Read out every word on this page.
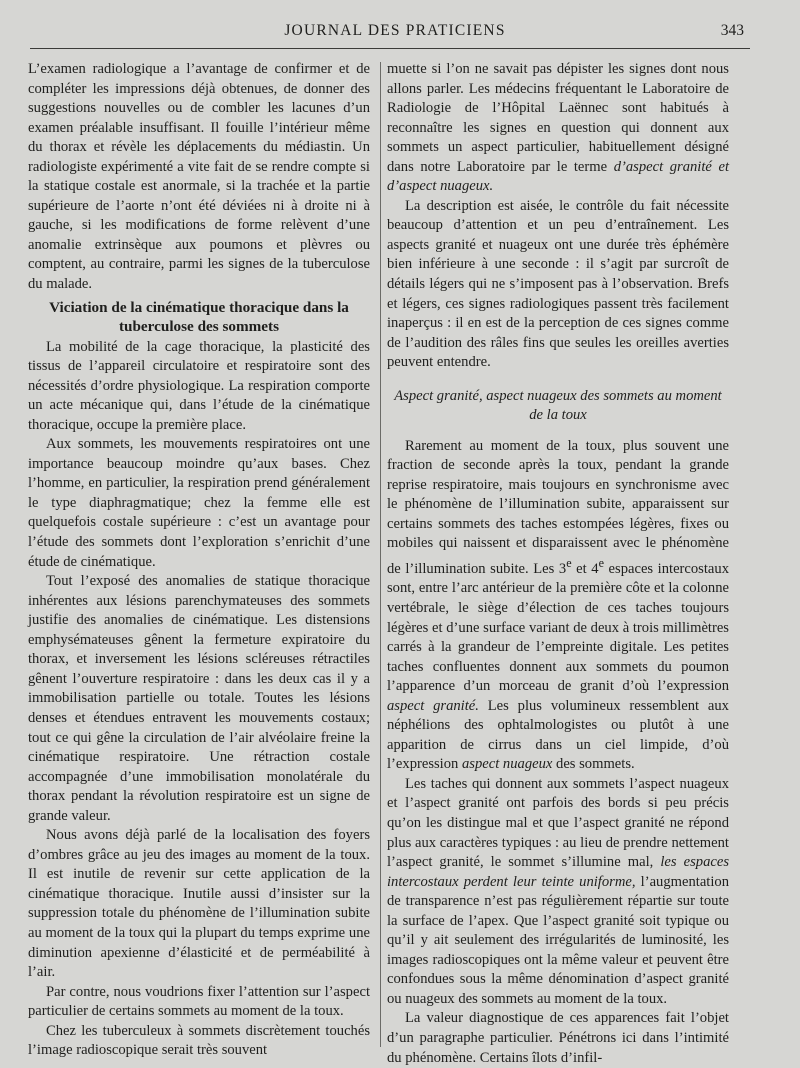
JOURNAL DES PRATICIENS	343

L’examen radiologique a l’avantage de confirmer et de compléter les impressions déjà obtenues, de donner des suggestions nouvelles ou de combler les lacunes d’un examen préalable insuffisant. Il fouille l’intérieur même du thorax et révèle les déplacements du médiastin. Un radiologiste expérimenté a vite fait de se rendre compte si la statique costale est anormale, si la trachée et la partie supérieure de l’aorte n’ont été déviées ni à droite ni à gauche, si les modifications de forme relèvent d’une anomalie extrinsèque aux poumons et plèvres ou comptent, au contraire, parmi les signes de la tuberculose du malade.

Viciation de la cinématique thoracique dans la tuberculose des sommets

La mobilité de la cage thoracique, la plasticité des tissus de l’appareil circulatoire et respiratoire sont des nécessités d’ordre physiologique. La respiration comporte un acte mécanique qui, dans l’étude de la cinématique thoracique, occupe la première place.

Aux sommets, les mouvements respiratoires ont une importance beaucoup moindre qu’aux bases. Chez l’homme, en particulier, la respiration prend généralement le type diaphragmatique; chez la femme elle est quelquefois costale supérieure : c’est un avantage pour l’étude des sommets dont l’exploration s’enrichit d’une étude de cinématique.

Tout l’exposé des anomalies de statique thoracique inhérentes aux lésions parenchymateuses des sommets justifie des anomalies de cinématique. Les distensions emphysémateuses gênent la fermeture expiratoire du thorax, et inversement les lésions scléreuses rétractiles gênent l’ouverture respiratoire : dans les deux cas il y a immobilisation partielle ou totale. Toutes les lésions denses et étendues entravent les mouvements costaux; tout ce qui gêne la circulation de l’air alvéolaire freine la cinématique respiratoire. Une rétraction costale accompagnée d’une immobilisation monolatérale du thorax pendant la révolution respiratoire est un signe de grande valeur.

Nous avons déjà parlé de la localisation des foyers d’ombres grâce au jeu des images au moment de la toux. Il est inutile de revenir sur cette application de la cinématique thoracique. Inutile aussi d’insister sur la suppression totale du phénomène de l’illumination subite au moment de la toux qui la plupart du temps exprime une diminution apexienne d’élasticité et de perméabilité à l’air.

Par contre, nous voudrions fixer l’attention sur l’aspect particulier de certains sommets au moment de la toux.

Chez les tuberculeux à sommets discrètement touchés l’image radioscopique serait très souvent

muette si l’on ne savait pas dépister les signes dont nous allons parler. Les médecins fréquentant le Laboratoire de Radiologie de l’Hôpital Laënnec sont habitués à reconnaître les signes en question qui donnent aux sommets un aspect particulier, habituellement désigné dans notre Laboratoire par le terme d’aspect granité et d’aspect nuageux.

La description est aisée, le contrôle du fait nécessite beaucoup d’attention et un peu d’entraînement. Les aspects granité et nuageux ont une durée très éphémère bien inférieure à une seconde : il s’agit par surcroît de détails légers qui ne s’imposent pas à l’observation. Brefs et légers, ces signes radiologiques passent très facilement inaperçus : il en est de la perception de ces signes comme de l’audition des râles fins que seules les oreilles averties peuvent entendre.

Aspect granité, aspect nuageux des sommets au moment de la toux

Rarement au moment de la toux, plus souvent une fraction de seconde après la toux, pendant la grande reprise respiratoire, mais toujours en synchronisme avec le phénomène de l’illumination subite, apparaissent sur certains sommets des taches estompées légères, fixes ou mobiles qui naissent et disparaissent avec le phénomène de l’illumination subite. Les 3e et 4e espaces intercostaux sont, entre l’arc antérieur de la première côte et la colonne vertébrale, le siège d’élection de ces taches toujours légères et d’une surface variant de deux à trois millimètres carrés à la grandeur de l’empreinte digitale. Les petites taches confluentes donnent aux sommets du poumon l’apparence d’un morceau de granit d’où l’expression aspect granité. Les plus volumineux ressemblent aux néphélions des ophtalmologistes ou plutôt à une apparition de cirrus dans un ciel limpide, d’où l’expression aspect nuageux des sommets.

Les taches qui donnent aux sommets l’aspect nuageux et l’aspect granité ont parfois des bords si peu précis qu’on les distingue mal et que l’aspect granité ne répond plus aux caractères typiques : au lieu de prendre nettement l’aspect granité, le sommet s’illumine mal, les espaces intercostaux perdent leur teinte uniforme, l’augmentation de transparence n’est pas régulièrement répartie sur toute la surface de l’apex. Que l’aspect granité soit typique ou qu’il y ait seulement des irrégularités de luminosité, les images radioscopiques ont la même valeur et peuvent être confondues sous la même dénomination d’aspect granité ou nuageux des sommets au moment de la toux.

La valeur diagnostique de ces apparences fait l’objet d’un paragraphe particulier. Pénétrons ici dans l’intimité du phénomène. Certains îlots d’infil-
